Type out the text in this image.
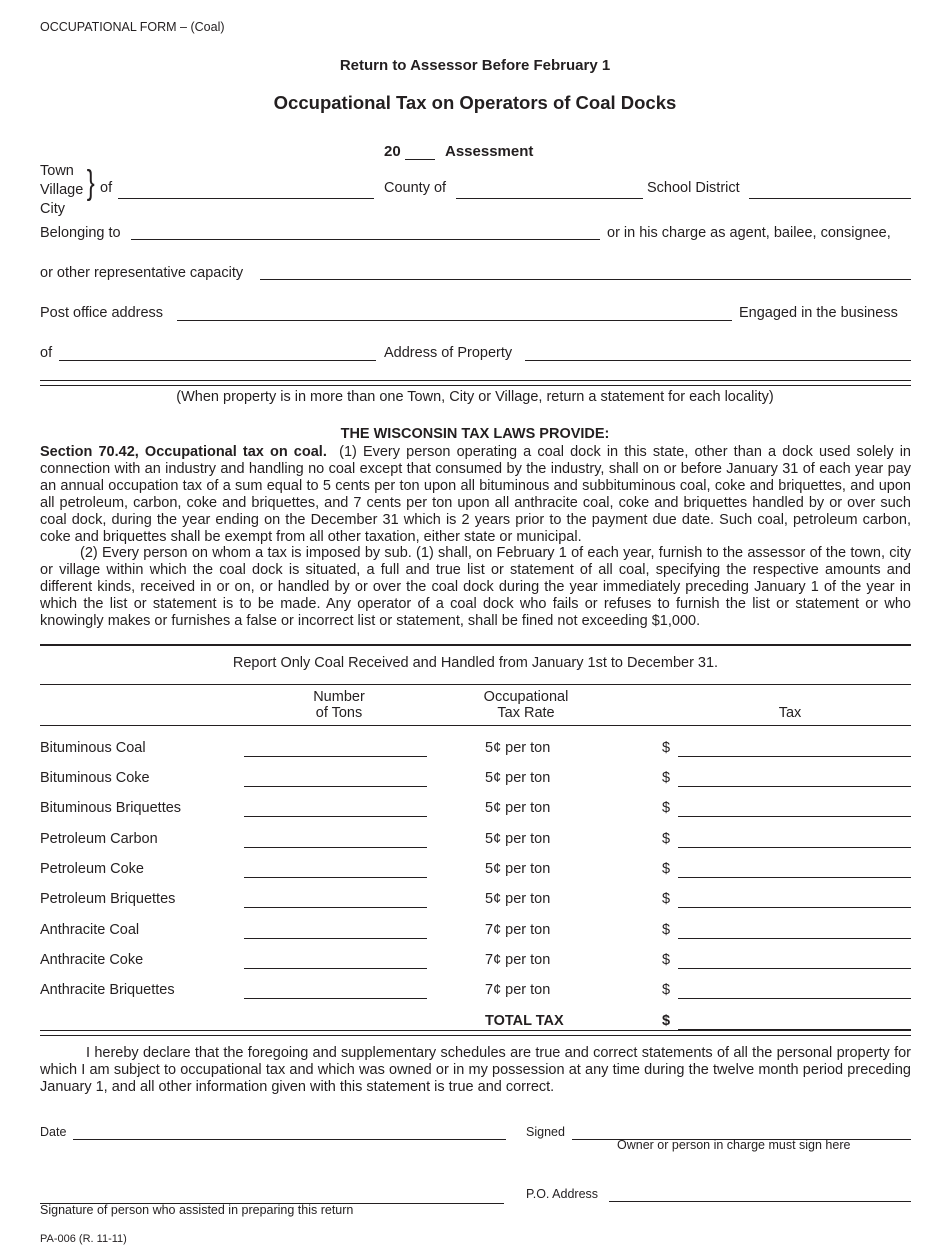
OCCUPATIONAL FORM – (Coal)
Return to Assessor Before February 1
Occupational Tax on Operators of Coal Docks
20	Assessment
Town
Village
City
} of	County of	School District
Belonging to	or in his charge as agent, bailee, consignee,
or other representative capacity
Post office address	Engaged in the business
of	Address of Property
(When property is in more than one Town, City or Village, return a statement for each locality)
THE WISCONSIN TAX LAWS PROVIDE:
Section 70.42, Occupational tax on coal. (1) Every person operating a coal dock in this state, other than a dock used solely in connection with an industry and handling no coal except that consumed by the industry, shall on or before January 31 of each year pay an annual occupation tax of a sum equal to 5 cents per ton upon all bituminous and subbituminous coal, coke and briquettes, and upon all petroleum, carbon, coke and briquettes, and 7 cents per ton upon all anthracite coal, coke and briquettes handled by or over such coal dock, during the year ending on the December 31 which is 2 years prior to the payment due date. Such coal, petroleum carbon, coke and briquettes shall be exempt from all other taxation, either state or municipal.
(2) Every person on whom a tax is imposed by sub. (1) shall, on February 1 of each year, furnish to the assessor of the town, city or village within which the coal dock is situated, a full and true list or statement of all coal, specifying the respective amounts and different kinds, received in or on, or handled by or over the coal dock during the year immediately preceding January 1 of the year in which the list or statement is to be made. Any operator of a coal dock who fails or refuses to furnish the list or statement or who knowingly makes or furnishes a false or incorrect list or statement, shall be fined not exceeding $1,000.
Report Only Coal Received and Handled from January 1st to December 31.
Number
of Tons
Occupational
Tax Rate	Tax
Bituminous Coal	5¢ per ton	$
Bituminous Coke	5¢ per ton	$
Bituminous Briquettes	5¢ per ton	$
Petroleum Carbon	5¢ per ton	$
Petroleum Coke	5¢ per ton	$
Petroleum Briquettes	5¢ per ton	$
Anthracite Coal	7¢ per ton	$
Anthracite Coke	7¢ per ton	$
Anthracite Briquettes	7¢ per ton	$
TOTAL TAX	$
I hereby declare that the foregoing and supplementary schedules are true and correct statements of all the personal property for which I am subject to occupational tax and which was owned or in my possession at any time during the twelve month period preceding January 1, and all other information given with this statement is true and correct.
Date	Signed
Owner or person in charge must sign here
P.O. Address
Signature of person who assisted in preparing this return
PA-006 (R. 11-11)
